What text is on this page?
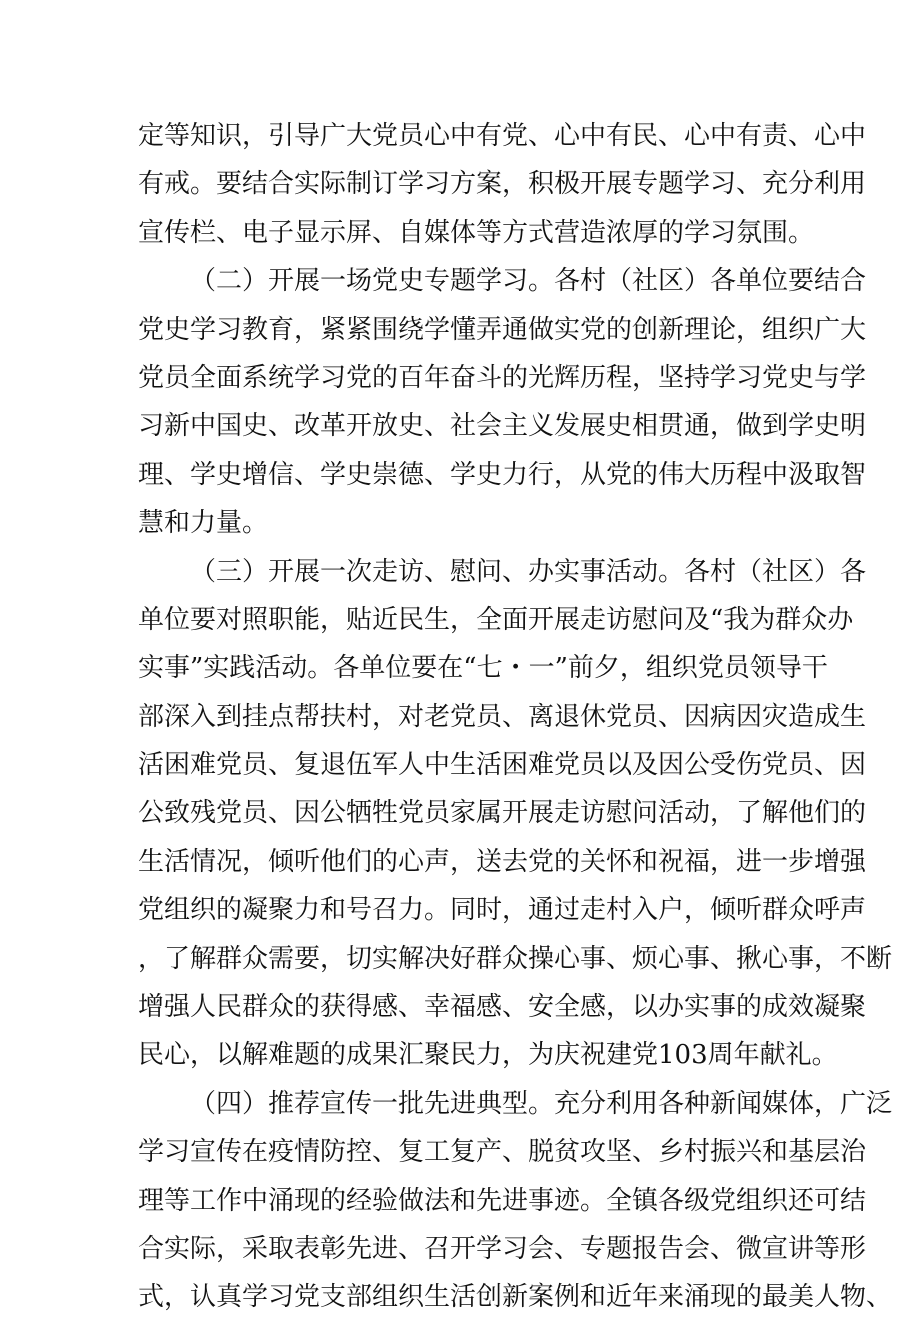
定等知识，引导广大党员心中有党、心中有民、心中有责、心中
有戒。要结合实际制订学习方案，积极开展专题学习、充分利用
宣传栏、电子显示屏、自媒体等方式营造浓厚的学习氛围。
（二）开展一场党史专题学习。各村（社区）各单位要结合
党史学习教育，紧紧围绕学懂弄通做实党的创新理论，组织广大
党员全面系统学习党的百年奋斗的光辉历程，坚持学习党史与学
习新中国史、改革开放史、社会主义发展史相贯通，做到学史明
理、学史增信、学史崇德、学史力行，从党的伟大历程中汲取智
慧和力量。
（三）开展一次走访、慰问、办实事活动。各村（社区）各
单位要对照职能，贴近民生，全面开展走访慰问及“我为群众办
实事”实践活动。各单位要在“七・一”前夕，组织党员领导干
部深入到挂点帮扶村，对老党员、离退休党员、因病因灾造成生
活困难党员、复退伍军人中生活困难党员以及因公受伤党员、因
公致残党员、因公牺牲党员家属开展走访慰问活动，了解他们的
生活情况，倾听他们的心声，送去党的关怀和祝福，进一步增强
党组织的凝聚力和号召力。同时，通过走村入户，倾听群众呼声
，了解群众需要，切实解决好群众操心事、烦心事、揪心事，不断
增强人民群众的获得感、幸福感、安全感，以办实事的成效凝聚
民心，以解难题的成果汇聚民力，为庆祝建党103周年献礼。
（四）推荐宣传一批先进典型。充分利用各种新闻媒体，广泛
学习宣传在疫情防控、复工复产、脱贫攻坚、乡村振兴和基层治
理等工作中涌现的经验做法和先进事迹。全镇各级党组织还可结
合实际，采取表彰先进、召开学习会、专题报告会、微宣讲等形
式，认真学习党支部组织生活创新案例和近年来涌现的最美人物、
